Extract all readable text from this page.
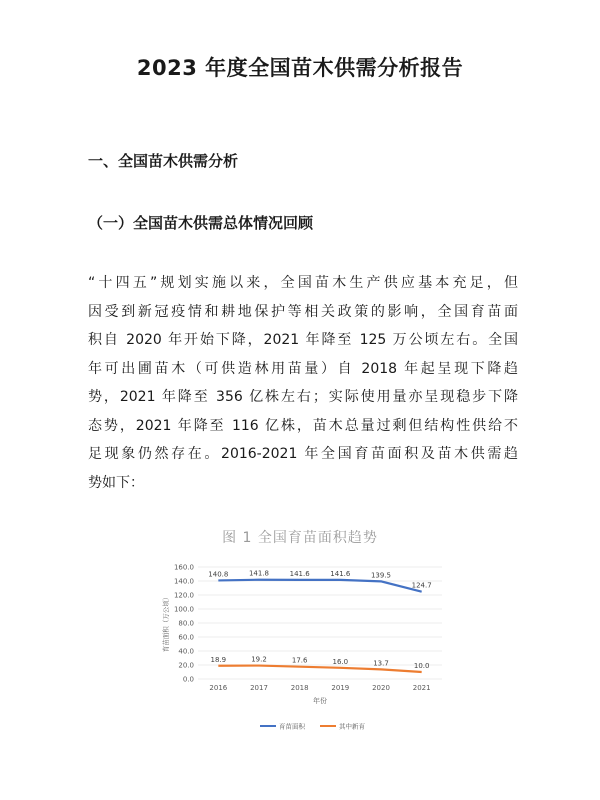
2023 年度全国苗木供需分析报告
一、全国苗木供需分析
（一）全国苗木供需总体情况回顾
“十四五”规划实施以来，全国苗木生产供应基本充足，但
因受到新冠疫情和耕地保护等相关政策的影响，全国育苗面
积自 2020 年开始下降，2021 年降至 125 万公顷左右。全国
年可出圃苗木（可供造林用苗量）自 2018 年起呈现下降趋
势，2021 年降至 356 亿株左右；实际使用量亦呈现稳步下降
态势，2021 年降至 116 亿株，苗木总量过剩但结构性供给不
足现象仍然存在。2016-2021 年全国育苗面积及苗木供需趋
势如下：
图 1 全国育苗面积趋势
0.0
20.0
40.0
60.0
80.0
100.0
120.0
140.0
160.0
育苗面积（万公顷）
2016	2017	2018	2019	2020	2021
年份
140.8	141.8	141.6	141.6	139.5
124.7
18.9	19.2	17.6	16.0	13.7	10.0
育苗面积	其中新育
